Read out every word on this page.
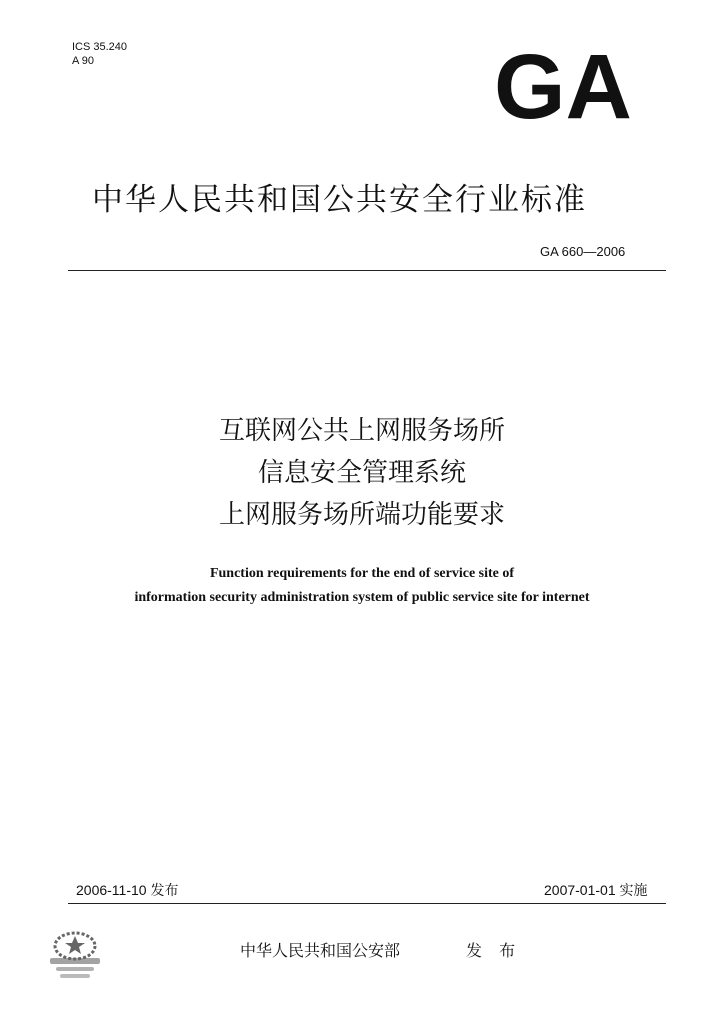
ICS 35.240
A 90	GA
中华人民共和国公共安全行业标准
GA 660—2006
互联网公共上网服务场所
信息安全管理系统
上网服务场所端功能要求
Function requirements for the end of service site of
information security administration system of public service site for internet
2006-11-10 发布	2007-01-01 实施
中华人民共和国公安部	发 布
